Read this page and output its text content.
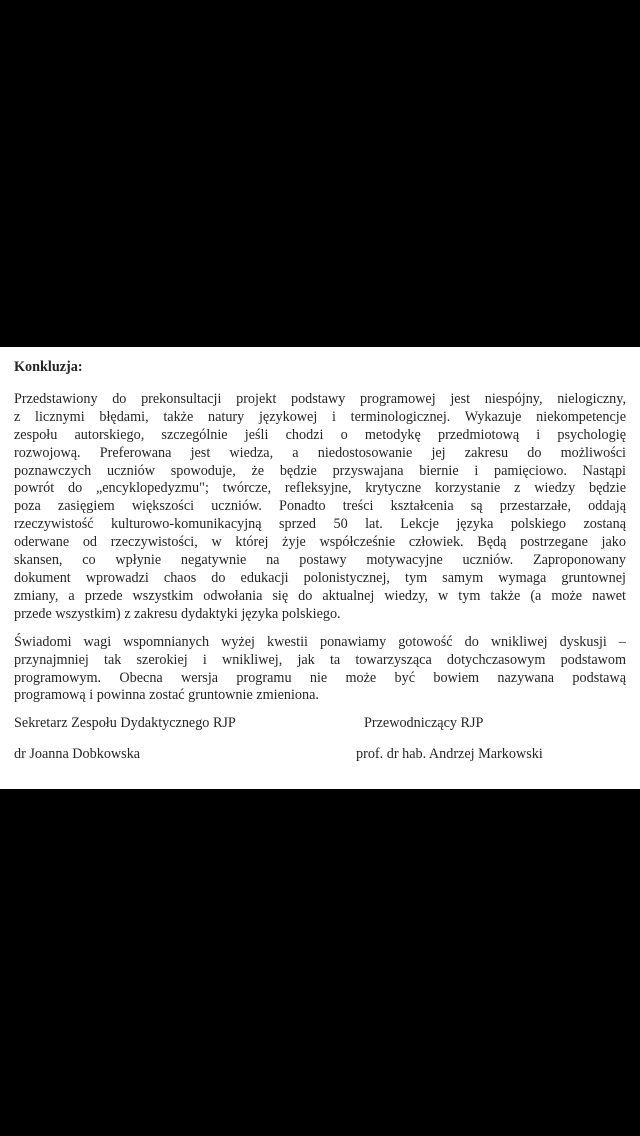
Konkluzja:
Przedstawiony do prekonsultacji projekt podstawy programowej jest niespójny, nielogiczny,
z licznymi błędami, także natury językowej i terminologicznej. Wykazuje niekompetencje
zespołu autorskiego, szczególnie jeśli chodzi o metodykę przedmiotową i psychologię
rozwojową. Preferowana jest wiedza, a niedostosowanie jej zakresu do możliwości
poznawczych uczniów spowoduje, że będzie przyswajana biernie i pamięciowo. Nastąpi
powrót do „encyklopedyzmu"; twórcze, refleksyjne, krytyczne korzystanie z wiedzy będzie
poza zasięgiem większości uczniów. Ponadto treści kształcenia są przestarzałe, oddają
rzeczywistość kulturowo-komunikacyjną sprzed 50 lat. Lekcje języka polskiego zostaną
oderwane od rzeczywistości, w której żyje współcześnie człowiek. Będą postrzegane jako
skansen, co wpłynie negatywnie na postawy motywacyjne uczniów. Zaproponowany
dokument wprowadzi chaos do edukacji polonistycznej, tym samym wymaga gruntownej
zmiany, a przede wszystkim odwołania się do aktualnej wiedzy, w tym także (a może nawet
przede wszystkim) z zakresu dydaktyki języka polskiego.
Świadomi wagi wspomnianych wyżej kwestii ponawiamy gotowość do wnikliwej dyskusji –
przynajmniej tak szerokiej i wnikliwej, jak ta towarzysząca dotychczasowym podstawom
programowym. Obecna wersja programu nie może być bowiem nazywana podstawą
programową i powinna zostać gruntownie zmieniona.
Sekretarz Zespołu Dydaktycznego RJP
dr Joanna Dobkowska
Przewodniczący RJP
prof. dr hab. Andrzej Markowski
